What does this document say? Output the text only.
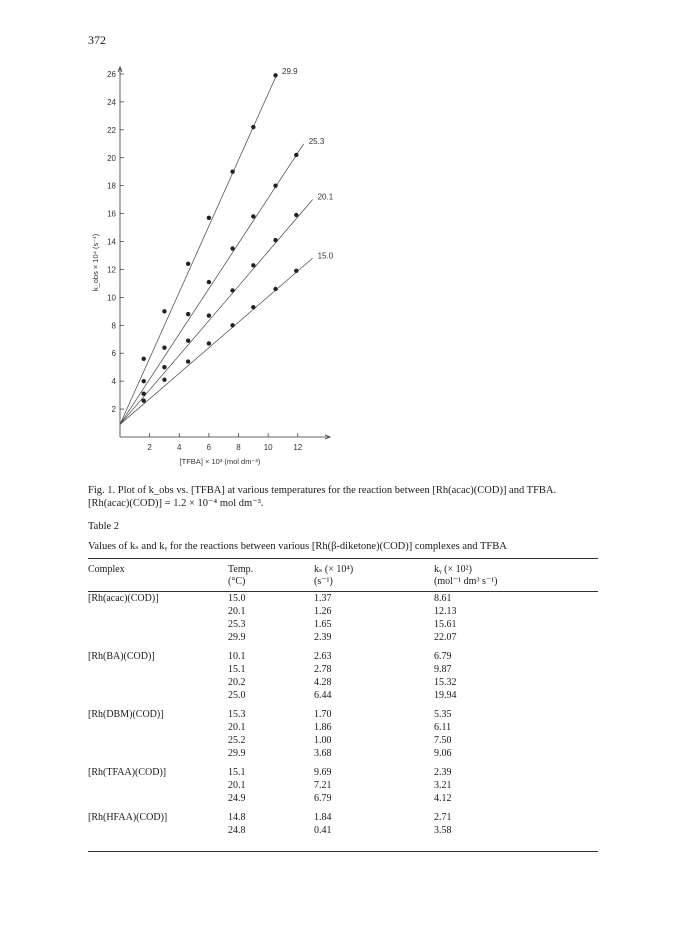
372
2
4
6
8
10
12
14
16
18
20
22
24
26
2	4	6	8	10	12
[TFBA] × 10³ (mol dm⁻³)
k_obs × 10⁴ (s⁻¹)
29.9
25.3
20.1
15.0
Fig. 1. Plot of k_obs vs. [TFBA] at various temperatures for the reaction between [Rh(acac)(COD)] and TFBA. [Rh(acac)(COD)] = 1.2 × 10⁻⁴ mol dm⁻³.
Table 2
Values of kₛ and kᵧ for the reactions between various [Rh(β-diketone)(COD)] complexes and TFBA
Complex	Temp.	kₛ (× 10⁴)	kᵧ (× 10²)
	(°C)	(s⁻¹)	(mol⁻¹ dm³ s⁻¹)
[Rh(acac)(COD)]	15.0	1.37	8.61
	20.1	1.26	12.13
	25.3	1.65	15.61
	29.9	2.39	22.07
[Rh(BA)(COD)]	10.1	2.63	6.79
	15.1	2.78	9.87
	20.2	4.28	15.32
	25.0	6.44	19.94
[Rh(DBM)(COD)]	15.3	1.70	5.35
	20.1	1.86	6.11
	25.2	1.00	7.50
	29.9	3.68	9.06
[Rh(TFAA)(COD)]	15.1	9.69	2.39
	20.1	7.21	3.21
	24.9	6.79	4.12
[Rh(HFAA)(COD)]	14.8	1.84	2.71
	24.8	0.41	3.58
